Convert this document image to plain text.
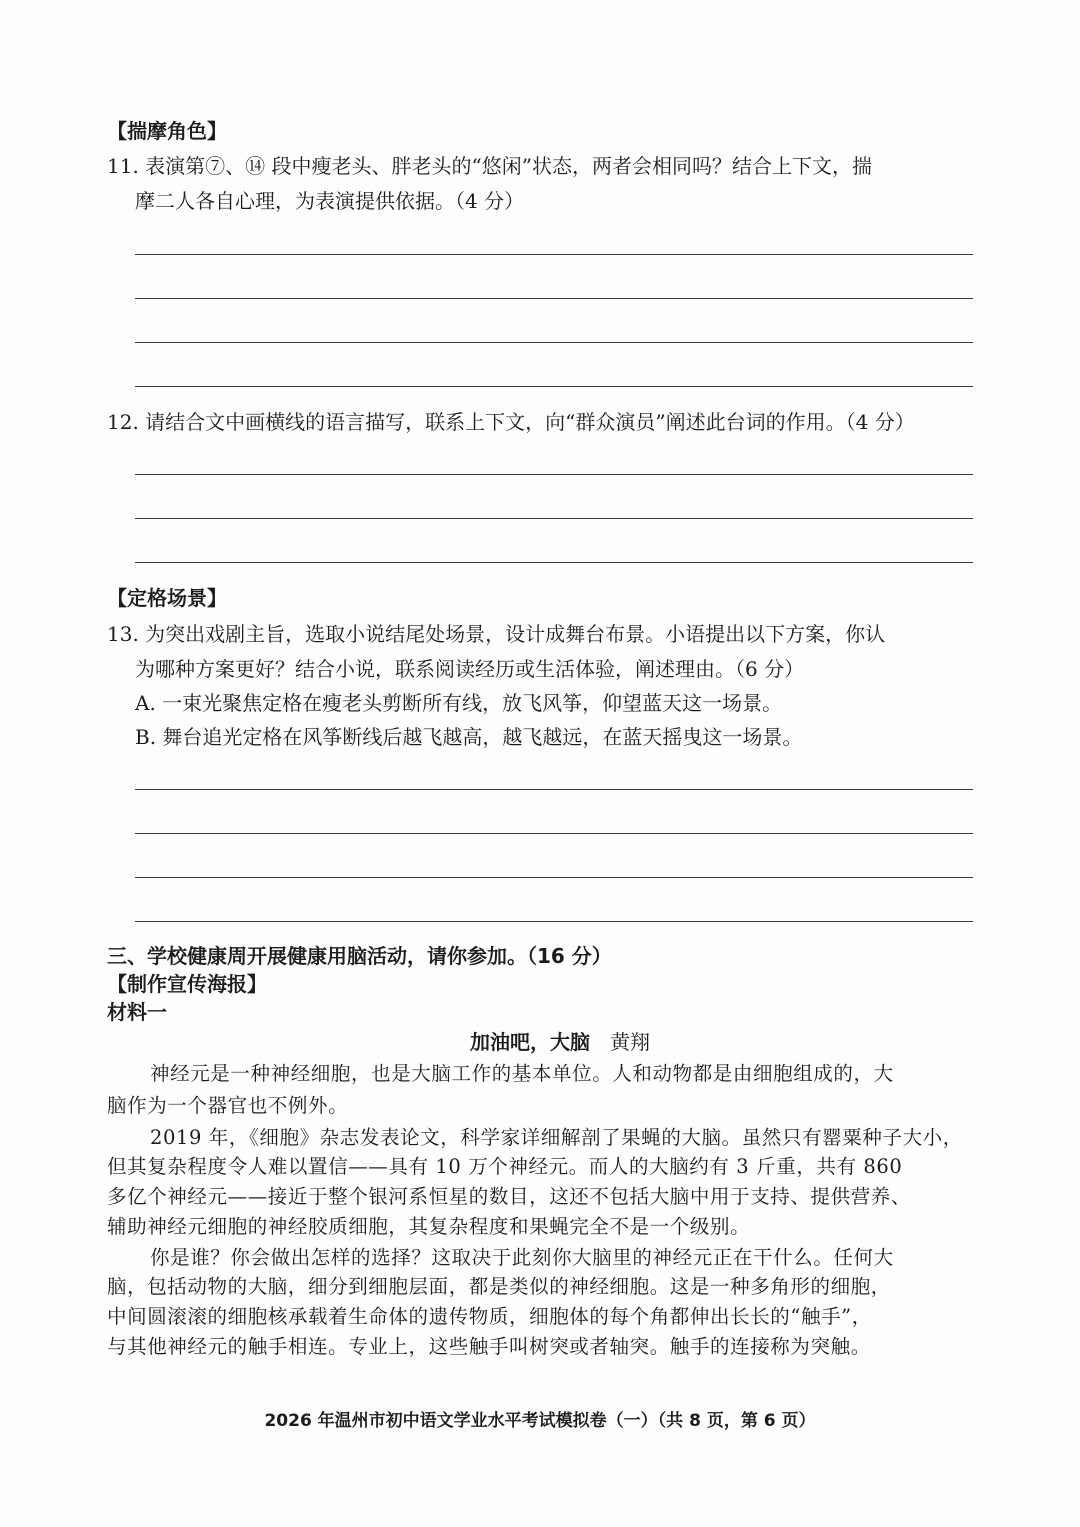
【揣摩角色】
11. 表演第⑦、⑭ 段中瘦老头、胖老头的“悠闲”状态，两者会相同吗？结合上下文，揣
摩二人各自心理，为表演提供依据。（4 分）
12. 请结合文中画横线的语言描写，联系上下文，向“群众演员”阐述此台词的作用。（4 分）
【定格场景】
13. 为突出戏剧主旨，选取小说结尾处场景，设计成舞台布景。小语提出以下方案，你认
为哪种方案更好？结合小说，联系阅读经历或生活体验，阐述理由。（6 分）
A. 一束光聚焦定格在瘦老头剪断所有线，放飞风筝，仰望蓝天这一场景。
B. 舞台追光定格在风筝断线后越飞越高，越飞越远，在蓝天摇曳这一场景。
三、学校健康周开展健康用脑活动，请你参加。（16 分）
【制作宣传海报】
材料一
加油吧，大脑 黄翔
神经元是一种神经细胞，也是大脑工作的基本单位。人和动物都是由细胞组成的，大
脑作为一个器官也不例外。
2019 年，《细胞》杂志发表论文，科学家详细解剖了果蝇的大脑。虽然只有罂粟种子大小，
但其复杂程度令人难以置信——具有 10 万个神经元。而人的大脑约有 3 斤重，共有 860
多亿个神经元——接近于整个银河系恒星的数目，这还不包括大脑中用于支持、提供营养、
辅助神经元细胞的神经胶质细胞，其复杂程度和果蝇完全不是一个级别。
你是谁？你会做出怎样的选择？这取决于此刻你大脑里的神经元正在干什么。任何大
脑，包括动物的大脑，细分到细胞层面，都是类似的神经细胞。这是一种多角形的细胞，
中间圆滚滚的细胞核承载着生命体的遗传物质，细胞体的每个角都伸出长长的“触手”，
与其他神经元的触手相连。专业上，这些触手叫树突或者轴突。触手的连接称为突触。
2026 年温州市初中语文学业水平考试模拟卷（一）（共 8 页，第 6 页）
